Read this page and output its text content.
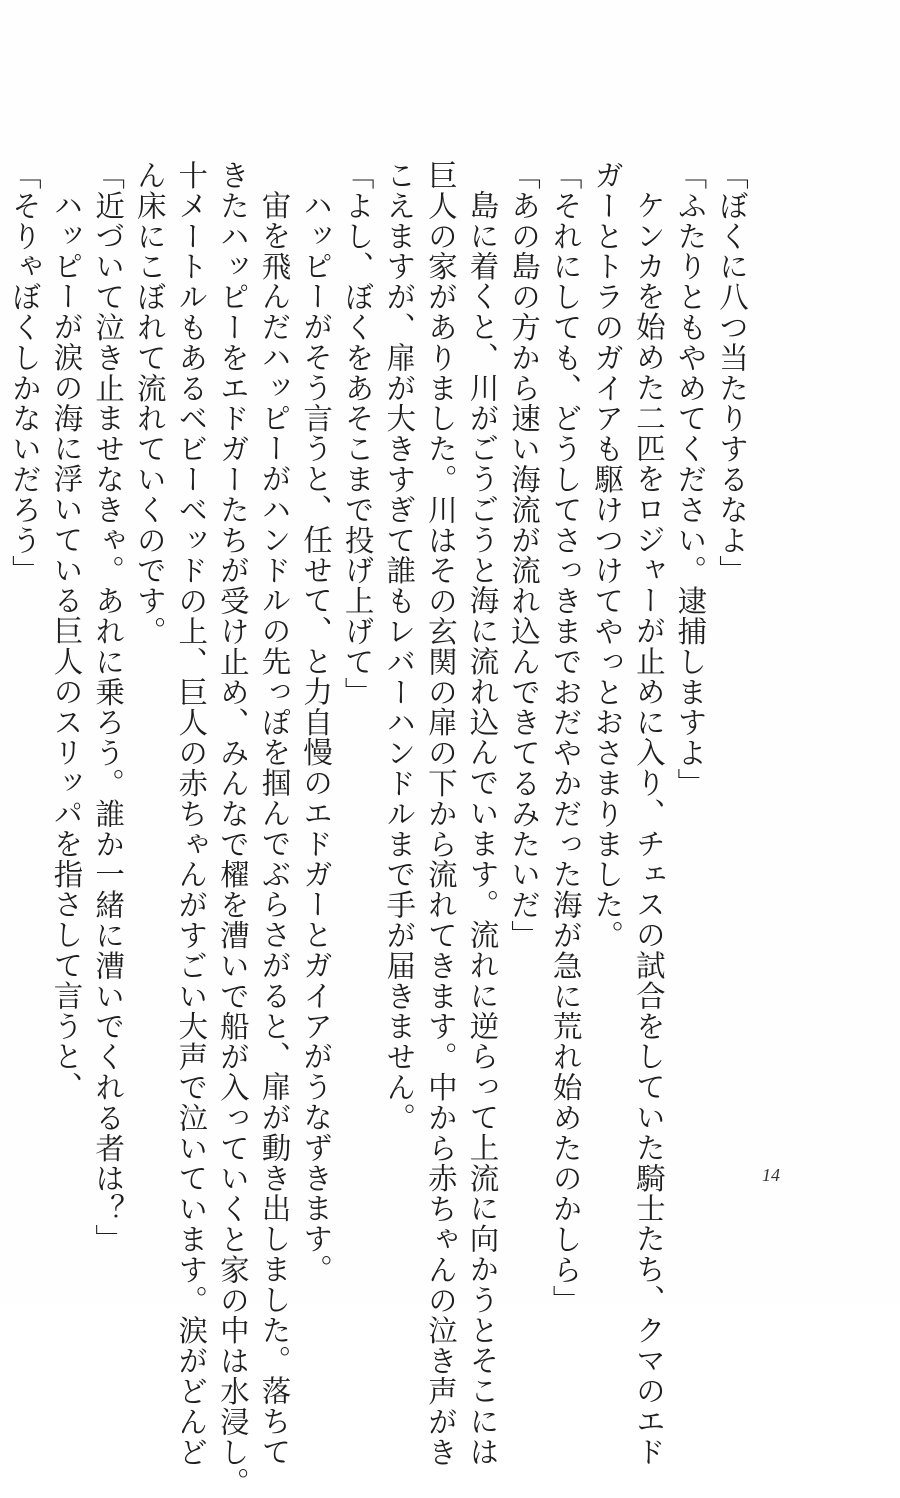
「ぼくに八つ当たりするなよ」
「ふたりともやめてください。逮捕しますよ」
ケンカを始めた二匹をロジャーが止めに入り、チェスの試合をしていた騎士たち、クマのエド
ガーとトラのガイアも駆けつけてやっとおさまりました。
「それにしても、どうしてさっきまでおだやかだった海が急に荒れ始めたのかしら」
「あの島の方から速い海流が流れ込んできてるみたいだ」
島に着くと、川がごうごうと海に流れ込んでいます。流れに逆らって上流に向かうとそこには
巨人の家がありました。川はその玄関の扉の下から流れてきます。中から赤ちゃんの泣き声がき
こえますが、扉が大きすぎて誰もレバーハンドルまで手が届きません。
「よし、ぼくをあそこまで投げ上げて」
ハッピーがそう言うと、任せて、と力自慢のエドガーとガイアがうなずきます。
宙を飛んだハッピーがハンドルの先っぽを掴んでぶらさがると、扉が動き出しました。落ちて
きたハッピーをエドガーたちが受け止め、みんなで櫂を漕いで船が入っていくと家の中は水浸し。
十メートルもあるベビーベッドの上、巨人の赤ちゃんがすごい大声で泣いています。涙がどんど
ん床にこぼれて流れていくのです。
「近づいて泣き止ませなきゃ。あれに乗ろう。誰か一緒に漕いでくれる者は？」
ハッピーが涙の海に浮いている巨人のスリッパを指さして言うと、
「そりゃぼくしかないだろう」
14
